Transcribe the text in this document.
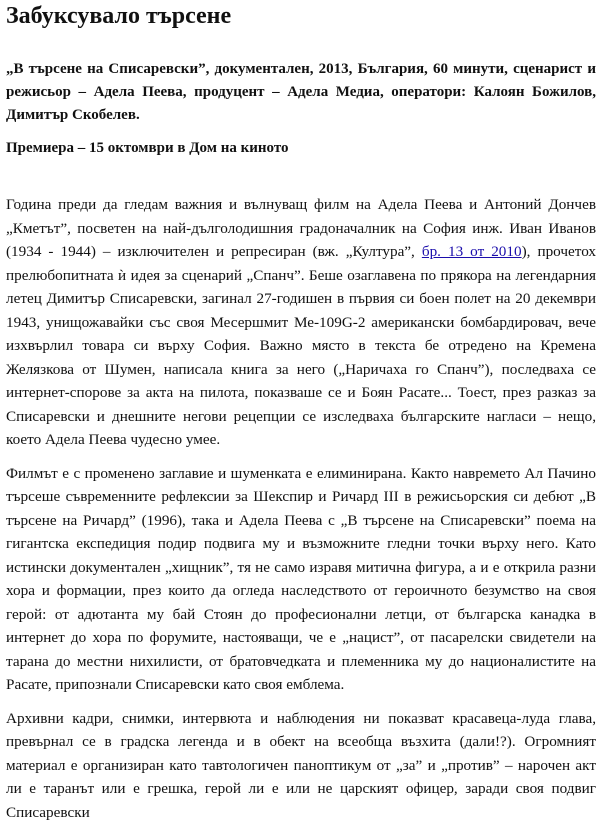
Забуксувало търсене

„В търсене на Списаревски”, документален, 2013, България, 60 минути, сценарист и режисьор – Адела Пеева, продуцент – Адела Медиа, оператори: Калоян Божилов, Димитър Скобелев.

Премиера – 15 октомври в Дом на киното

Година преди да гледам важния и вълнуващ филм на Адела Пеева и Антоний Дончев „Кметът”, посветен на най-дълголодишния градоначалник на София инж. Иван Иванов (1934 - 1944) – изключителен и репресиран (вж. „Култура”, бр. 13 от 2010), прочетох прелюбопитната ѝ идея за сценарий „Спанч”. Беше озаглавена по прякора на легендарния летец Димитър Списаревски, загинал 27-годишен в първия си боен полет на 20 декември 1943, унищожавайки със своя Месершмит Ме-109G-2 американски бомбардировач, вече изхвърлил товара си върху София. Важно място в текста бе отредено на Кремена Желязкова от Шумен, написала книга за него („Наричаха го Спанч”), последваха се интернет-спорове за акта на пилота, показваше се и Боян Расате... Тоест, през разказ за Списаревски и днешните негови рецепции се изследваха българските нагласи – нещо, което Адела Пеева чудесно умее.

Филмът е с променено заглавие и шуменката е елиминирана. Както навремето Ал Пачино търсеше съвременните рефлексии за Шекспир и Ричард III в режисьорския си дебют „В търсене на Ричард” (1996), така и Адела Пеева с „В търсене на Списаревски” поема на гигантска експедиция подир подвига му и възможните гледни точки върху него. Като истински документален „хищник”, тя не само изравя митична фигура, а и е открила разни хора и формации, през които да огледа наследството от героичното безумство на своя герой: от адютанта му бай Стоян до професионални летци, от българска канадка в интернет до хора по форумите, настояващи, че е „нацист”, от пасарелски свидетели на тарана до местни нихилисти, от братовчедката и племенника му до националистите на Расате, припознали Списаревски като своя емблема.

Архивни кадри, снимки, интервюта и наблюдения ни показват красавеца-луда глава, превърнал се в градска легенда и в обект на всеобща възхита (дали!?). Огромният материал е организиран като тавтологичен паноптикум от „за” и „против” – нарочен акт ли е таранът или е грешка, герой ли е или не царският офицер, заради своя подвиг Списаревски
